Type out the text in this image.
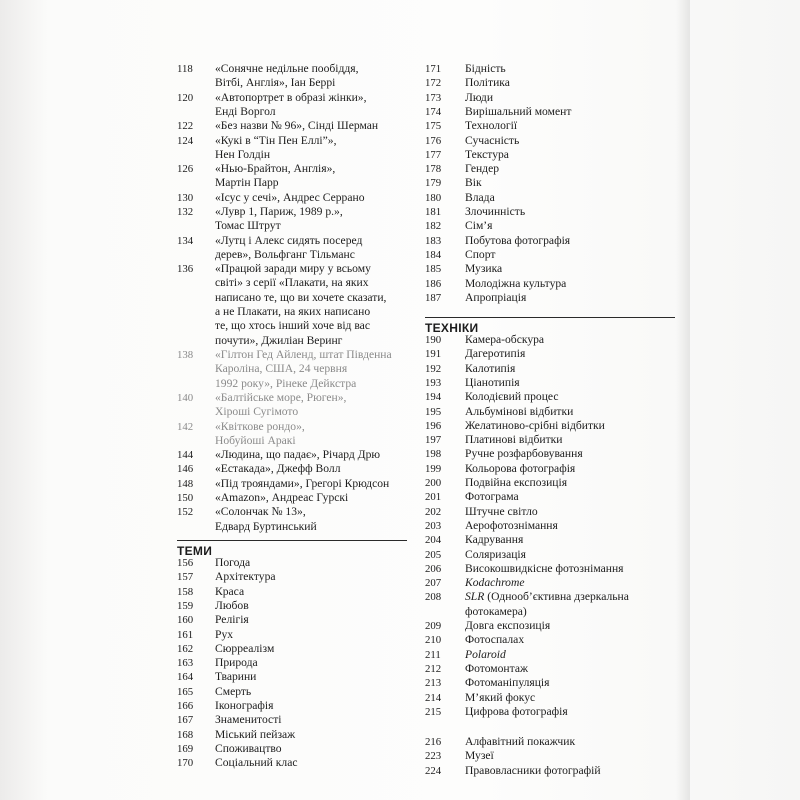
118	«Сонячне недільне пообіддя,
Вітбі, Англія», Іан Беррі
120	«Автопортрет в образі жінки»,
Енді Воргол
122	«Без назви № 96», Сінді Шерман
124	«Кукі в “Тін Пен Еллі”»,
Нен Голдін
126	«Нью-Брайтон, Англія»,
Мартін Парр
130	«Ісус у сечі», Андрес Серрано
132	«Лувр 1, Париж, 1989 р.»,
Томас Штрут
134	«Лутц і Алекс сидять посеред
дерев», Вольфганг Тільманс
136	«Працюй заради миру у всьому
світі» з серії «Плакати, на яких
написано те, що ви хочете сказати,
а не Плакати, на яких написано
те, що хтось інший хоче від вас
почути», Джиліан Веринг
138	«Гілтон Гед Айленд, штат Південна
Кароліна, США, 24 червня
1992 року», Рінеке Дейкстра
140	«Балтійське море, Рюген»,
Хіроші Сугімото
142	«Квіткове рондо»,
Нобуйоші Аракі
144	«Людина, що падає», Річард Дрю
146	«Естакада», Джефф Волл
148	«Під трояндами», Грегорі Крюдсон
150	«Amazon», Андреас Гурскі
152	«Солончак № 13»,
Едвард Буртинський
ТЕМИ
156	Погода
157	Архітектура
158	Краса
159	Любов
160	Релігія
161	Рух
162	Сюрреалізм
163	Природа
164	Тварини
165	Смерть
166	Іконографія
167	Знаменитості
168	Міський пейзаж
169	Споживацтво
170	Соціальний клас
171	Бідність
172	Політика
173	Люди
174	Вирішальний момент
175	Технології
176	Сучасність
177	Текстура
178	Гендер
179	Вік
180	Влада
181	Злочинність
182	Сім’я
183	Побутова фотографія
184	Спорт
185	Музика
186	Молодіжна культура
187	Апропріація
ТЕХНІКИ
190	Камера-обскура
191	Дагеротипія
192	Калотипія
193	Ціанотипія
194	Колодієвий процес
195	Альбумінові відбитки
196	Желатиново-срібні відбитки
197	Платинові відбитки
198	Ручне розфарбовування
199	Кольорова фотографія
200	Подвійна експозиція
201	Фотограма
202	Штучне світло
203	Аерофотознімання
204	Кадрування
205	Соляризація
206	Високошвидкісне фотознімання
207	Kodachrome
208	SLR (Однооб’єктивна дзеркальна
фотокамера)
209	Довга експозиція
210	Фотоспалах
211	Polaroid
212	Фотомонтаж
213	Фотоманіпуляція
214	М’який фокус
215	Цифрова фотографія
216	Алфавітний покажчик
223	Музеї
224	Правовласники фотографій
